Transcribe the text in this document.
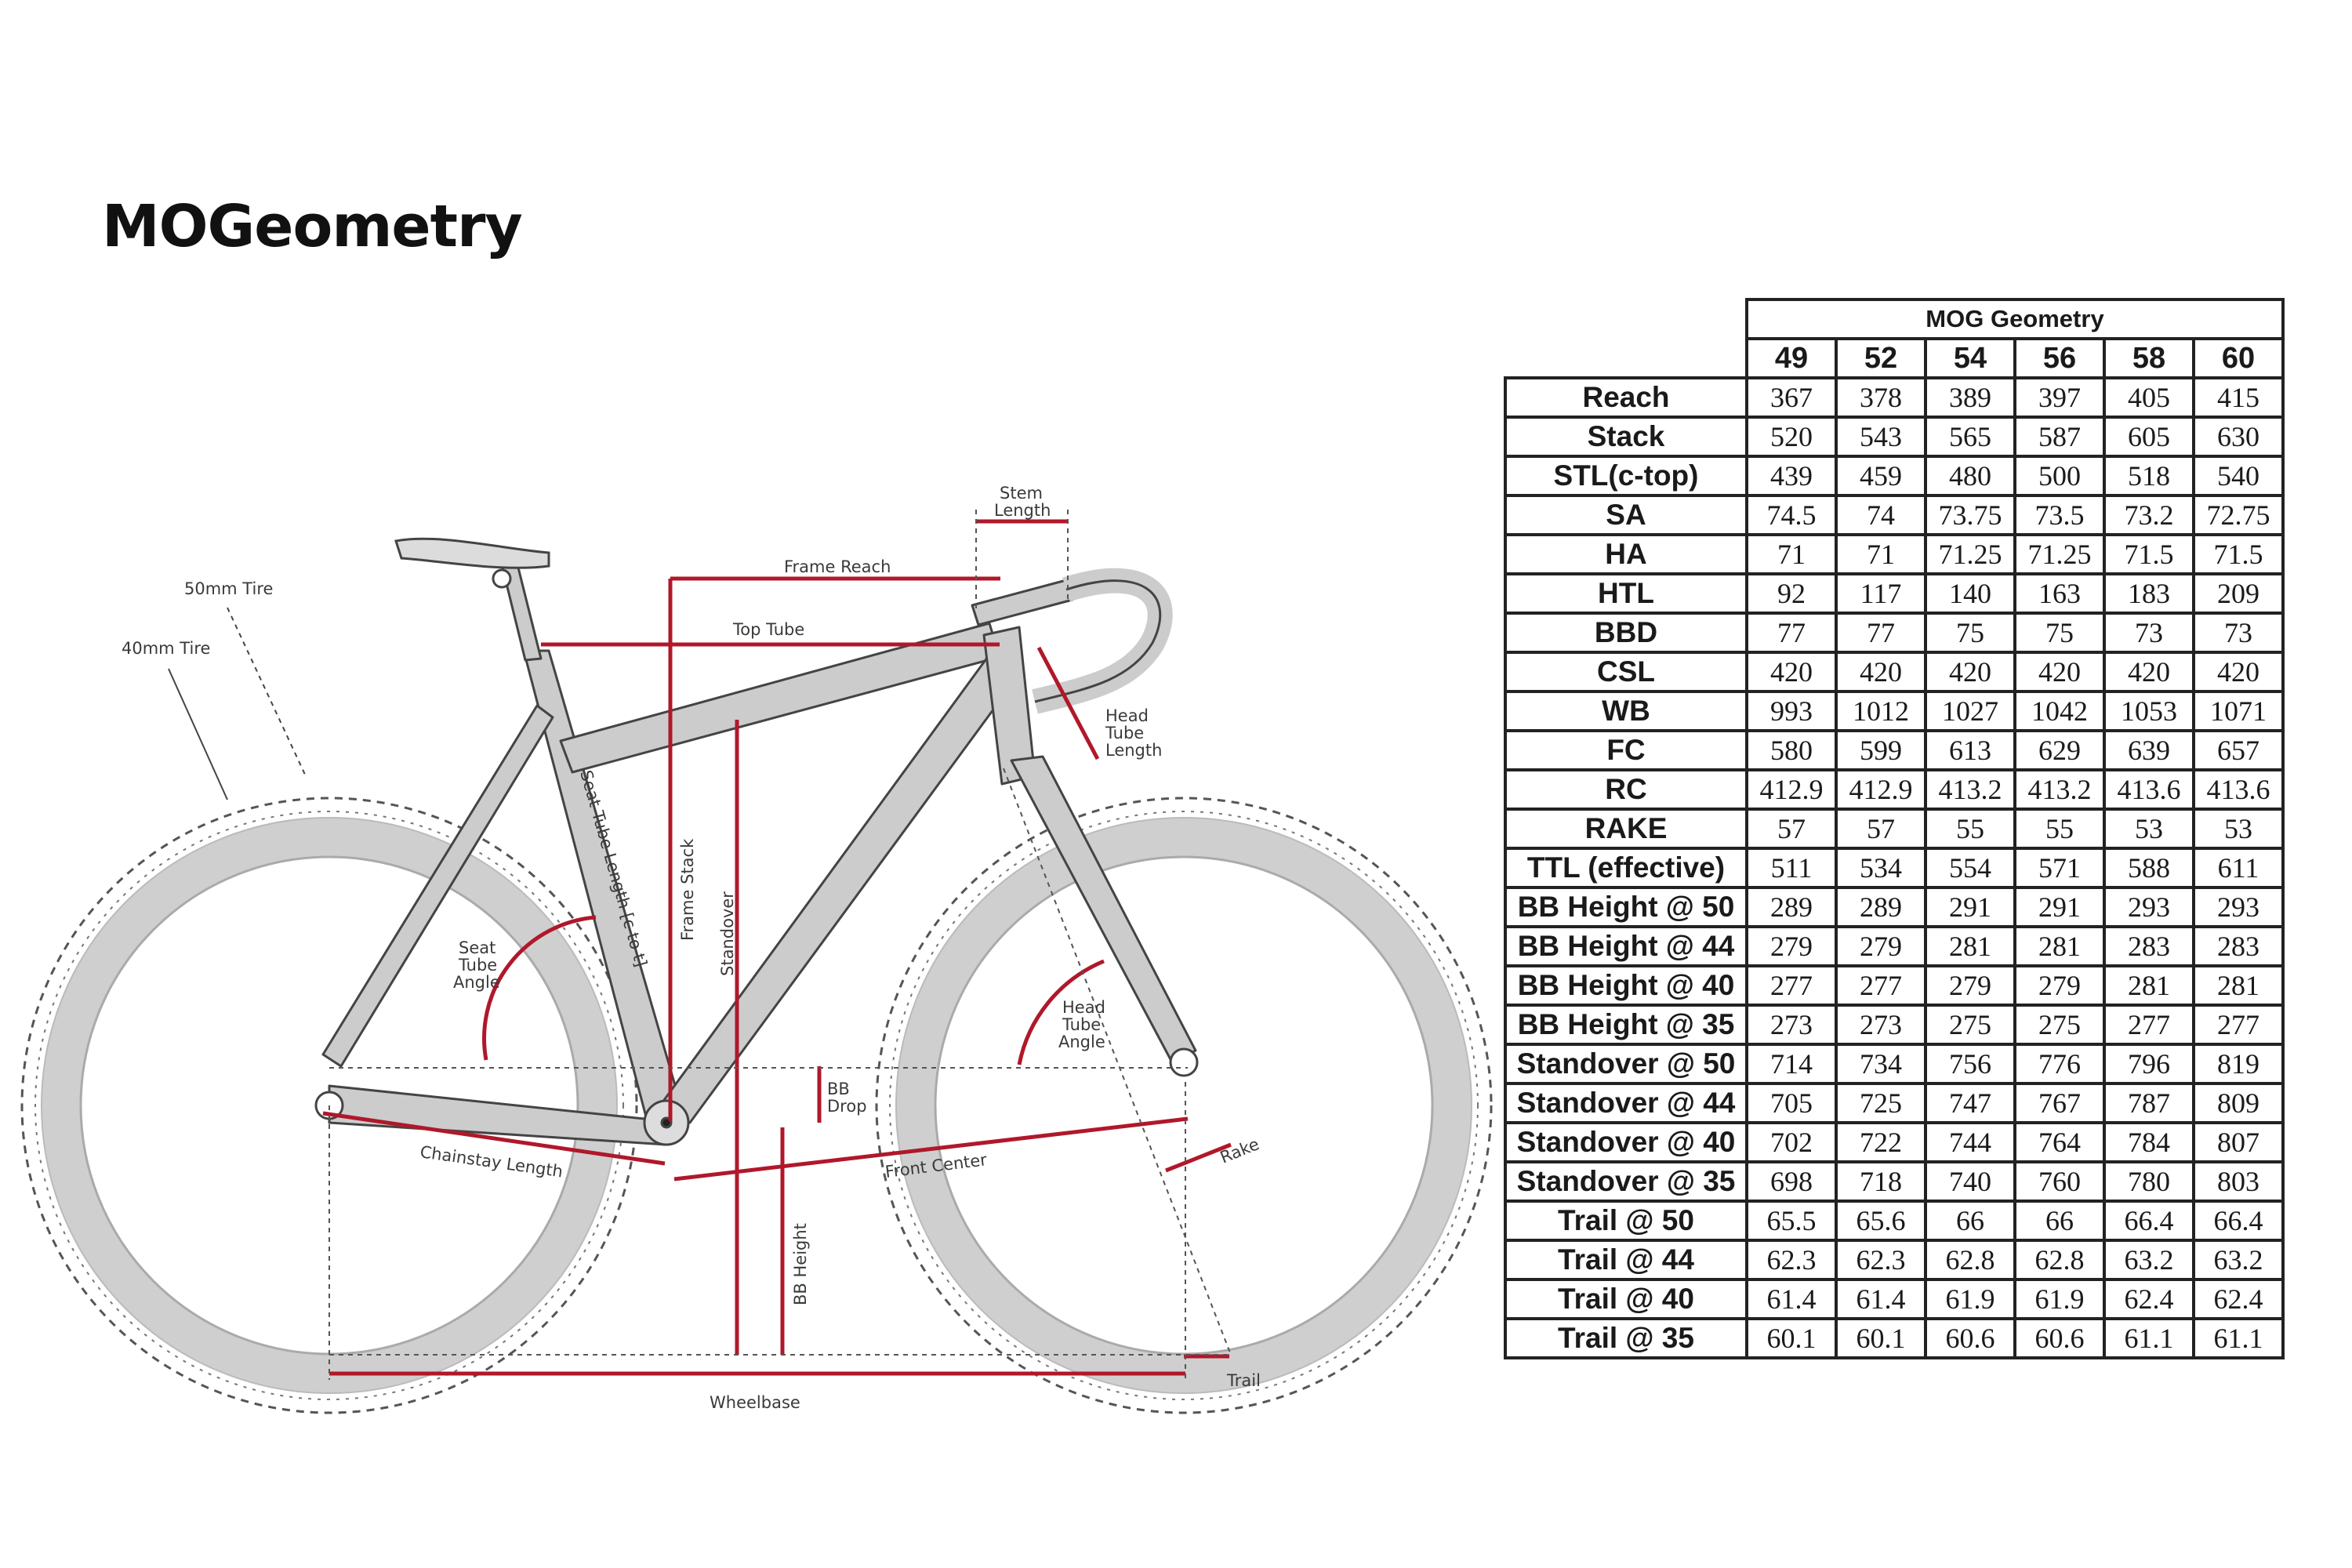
MOGeometry
50mm Tire
40mm Tire
Stem
Length
Frame Reach
Top Tube
Head
Tube
Length
Seat Tube Length [c to t] Frame Stack Standover
Seat
Tube
Angle
Head
Tube
Angle
BB
Drop
Chainstay Length	Front Center	Rake
BB Height
Trail
Wheelbase
	MOG Geometry					
	49	52	54	56	58	60
Reach	367	378	389	397	405	415
Stack	520	543	565	587	605	630
STL(c-top)	439	459	480	500	518	540
SA	74.5	74	73.75	73.5	73.2	72.75
HA	71	71	71.25	71.25	71.5	71.5
HTL	92	117	140	163	183	209
BBD	77	77	75	75	73	73
CSL	420	420	420	420	420	420
WB	993	1012	1027	1042	1053	1071
FC	580	599	613	629	639	657
RC	412.9	412.9	413.2	413.2	413.6	413.6
RAKE	57	57	55	55	53	53
TTL (effective)	511	534	554	571	588	611
BB Height @ 50	289	289	291	291	293	293
BB Height @ 44	279	279	281	281	283	283
BB Height @ 40	277	277	279	279	281	281
BB Height @ 35	273	273	275	275	277	277
Standover @ 50	714	734	756	776	796	819
Standover @ 44	705	725	747	767	787	809
Standover @ 40	702	722	744	764	784	807
Standover @ 35	698	718	740	760	780	803
Trail @ 50	65.5	65.6	66	66	66.4	66.4
Trail @ 44	62.3	62.3	62.8	62.8	63.2	63.2
Trail @ 40	61.4	61.4	61.9	61.9	62.4	62.4
Trail @ 35	60.1	60.1	60.6	60.6	61.1	61.1
